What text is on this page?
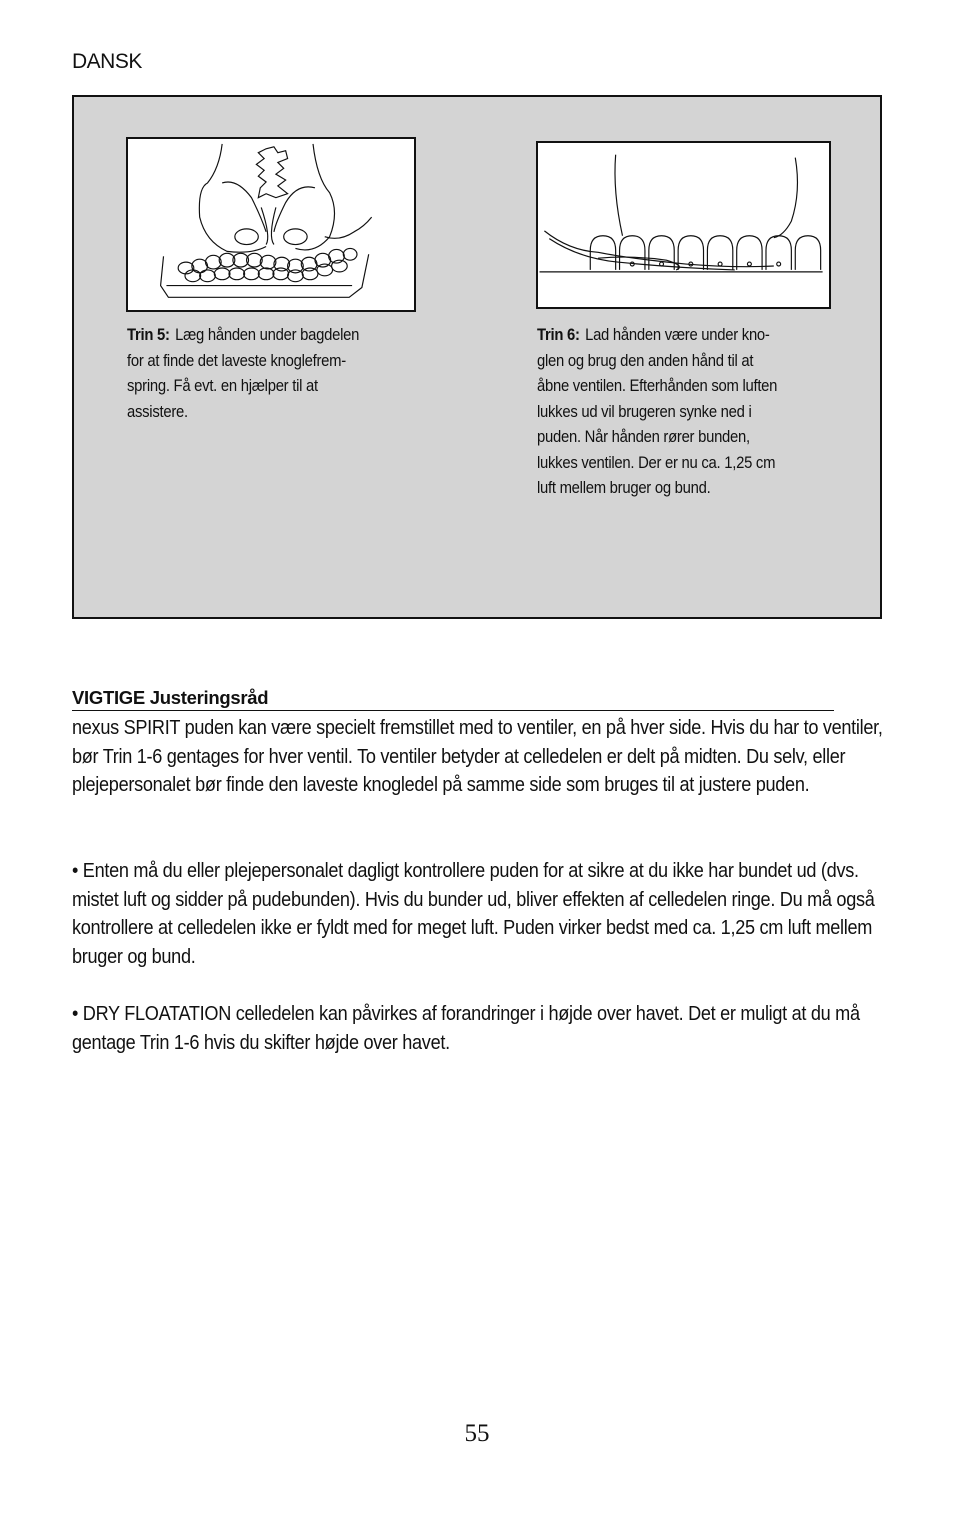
DANSK
Trin 5: Læg hånden under bagdelen
for at finde det laveste knoglefrem-
spring. Få evt. en hjælper til at
assistere.
Trin 6: Lad hånden være under kno-
glen og brug den anden hånd til at
åbne ventilen. Efterhånden som luften
lukkes ud vil brugeren synke ned i
puden. Når hånden rører bunden,
lukkes ventilen. Der er nu ca. 1,25 cm
luft mellem bruger og bund.
VIGTIGE Justeringsråd

nexus SPIRIT puden kan være specielt fremstillet med to ventiler, en på hver side. Hvis du har to ventiler, bør Trin 1-6 gentages for hver ventil. To ventiler betyder at celledelen er delt på midten. Du selv, eller plejepersonalet bør finde den laveste knogledel på samme side som bruges til at justere puden.

• Enten må du eller plejepersonalet dagligt kontrollere puden for at sikre at du ikke har bundet ud (dvs. mistet luft og sidder på pudebunden). Hvis du bunder ud, bliver effekten af celledelen ringe. Du må også kontrollere at celledelen ikke er fyldt med for meget luft. Puden virker bedst med ca. 1,25 cm luft mellem bruger og bund.

• DRY FLOATATION celledelen kan påvirkes af forandringer i højde over havet. Det er muligt at du må gentage Trin 1-6 hvis du skifter højde over havet.

55
